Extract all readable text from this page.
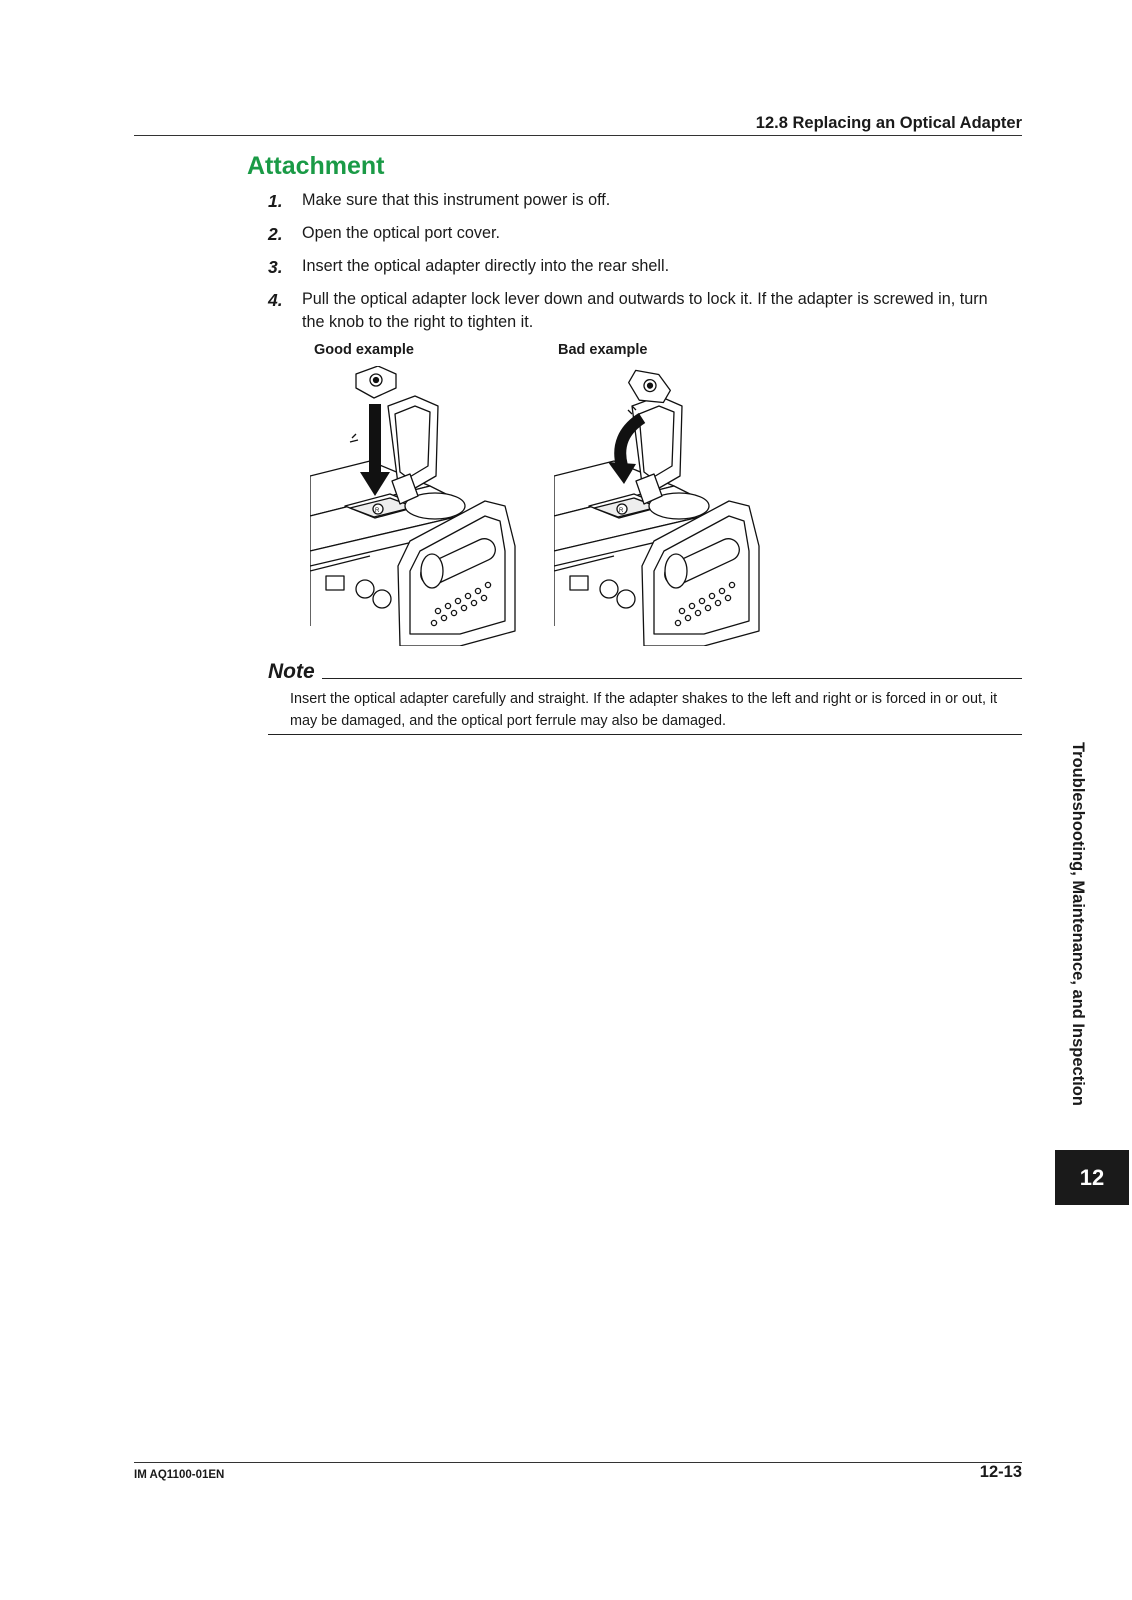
12.8 Replacing an Optical Adapter
Attachment
1. Make sure that this instrument power is off.
2. Open the optical port cover.
3. Insert the optical adapter directly into the rear shell.
4. Pull the optical adapter lock lever down and outwards to lock it. If the adapter is screwed in, turn the knob to the right to tighten it.
Good example	Bad example
R	R
Note
Insert the optical adapter carefully and straight. If the adapter shakes to the left and right or is forced in or out, it may be damaged, and the optical port ferrule may also be damaged.
Troubleshooting, Maintenance, and Inspection
12
IM AQ1100-01EN	12-13
